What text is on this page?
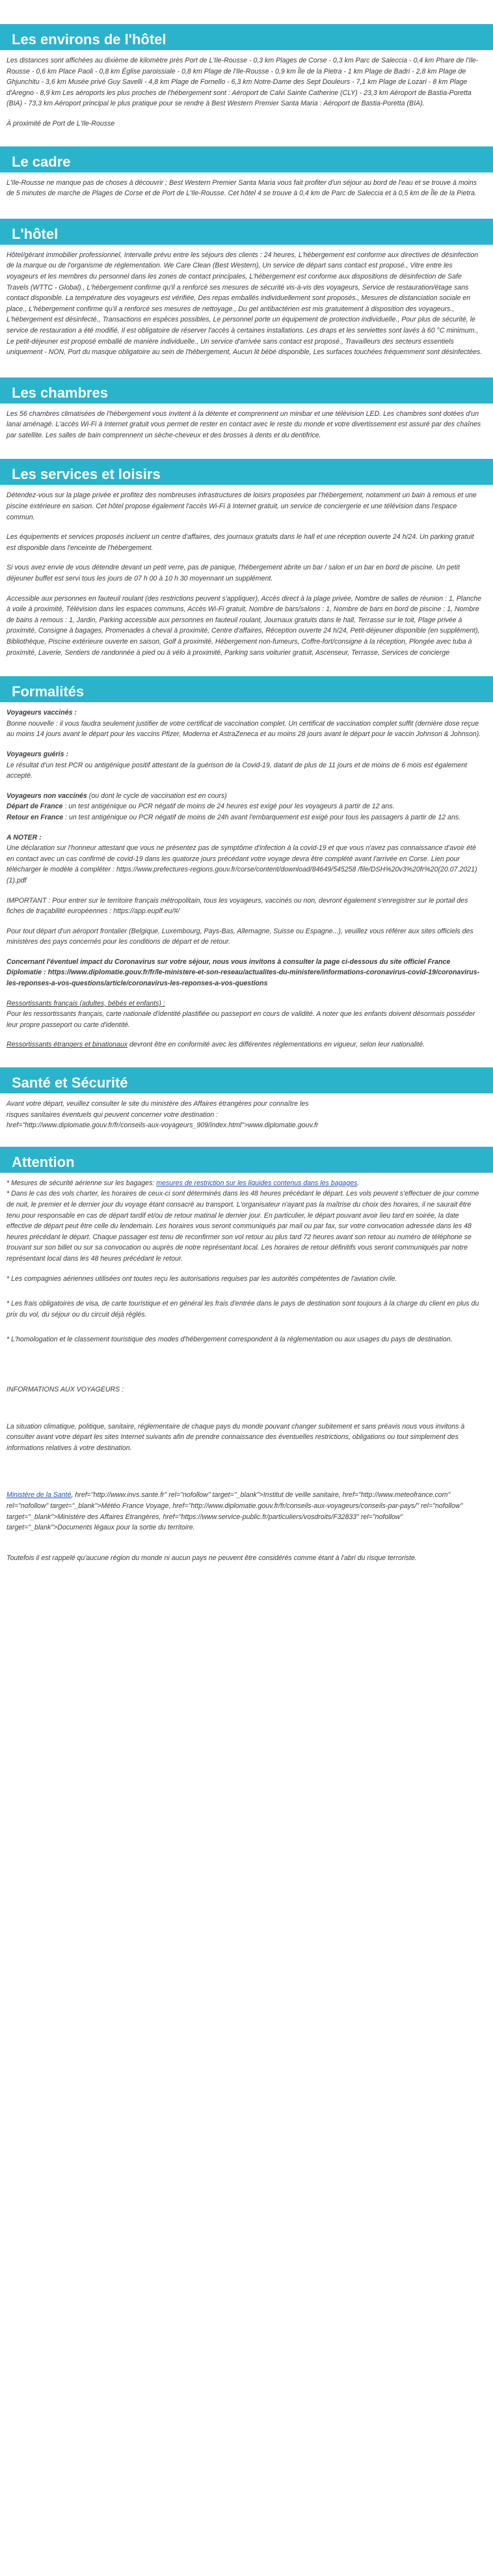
Les environs de l'hôtel

Les distances sont affichées au dixième de kilomètre près Port de L'Ile-Rousse - 0,3 km Plages de Corse - 0,3 km Parc de Saleccia - 0,4 km Phare de l'Ile-Rousse - 0,6 km Place Paoli - 0,8 km Église paroissiale - 0,8 km Plage de l'Ile-Rousse - 0,9 km Île de la Pietra - 1 km Plage de Badri - 2,8 km Plage de Ghjunchitu - 3,6 km Musée privé Guy Savelli - 4,8 km Plage de Fornello - 6,3 km Notre-Dame des Sept Douleurs - 7,1 km Plage de Lozari - 8 km Plage d'Aregno - 8,9 km Les aéroports les plus proches de l'hébergement sont : Aéroport de Calvi Sainte Catherine (CLY) - 23,3 km Aéroport de Bastia-Poretta (BIA) - 73,3 km Aéroport principal le plus pratique pour se rendre à Best Western Premier Santa Maria : Aéroport de Bastia-Poretta (BIA).

À proximité de Port de L'Ile-Rousse

Le cadre

L'Ile-Rousse ne manque pas de choses à découvrir ; Best Western Premier Santa Maria vous fait profiter d'un séjour au bord de l'eau et se trouve à moins de 5 minutes de marche de Plages de Corse et de Port de L'Ile-Rousse. Cet hôtel 4 se trouve à 0,4 km de Parc de Saleccia et à 0,5 km de Île de la Pietra.

L'hôtel

Hôtel/gérant immobilier professionnel, Intervalle prévu entre les séjours des clients : 24 heures, L'hébergement est conforme aux directives de désinfection de la marque ou de l'organisme de réglementation. We Care Clean (Best Western), Un service de départ sans contact est proposé., Vitre entre les voyageurs et les membres du personnel dans les zones de contact principales, L'hébergement est conforme aux dispositions de désinfection de Safe Travels (WTTC - Global)., L'hébergement confirme qu'il a renforcé ses mesures de sécurité vis-à-vis des voyageurs, Service de restauration/étage sans contact disponible. La température des voyageurs est vérifiée, Des repas emballés individuellement sont proposés., Mesures de distanciation sociale en place., L'hébergement confirme qu'il a renforcé ses mesures de nettoyage., Du gel antibactérien est mis gratuitement à disposition des voyageurs., L'hébergement est désinfecté., Transactions en espèces possibles, Le personnel porte un équipement de protection individuelle., Pour plus de sécurité, le service de restauration a été modifié, Il est obligatoire de réserver l'accès à certaines installations. Les draps et les serviettes sont lavés à 60 °C minimum., Le petit-déjeuner est proposé emballé de manière individuelle., Un service d'arrivée sans contact est proposé., Travailleurs des secteurs essentiels uniquement - NON, Port du masque obligatoire au sein de l'hébergement, Aucun lit bébé disponible, Les surfaces touchées fréquemment sont désinfectées.

Les chambres

Les 56 chambres climatisées de l'hébergement vous invitent à la détente et comprennent un minibar et une télévision LED. Les chambres sont dotées d'un lanai aménagé. L'accès Wi-Fi à Internet gratuit vous permet de rester en contact avec le reste du monde et votre divertissement est assuré par des chaînes par satellite. Les salles de bain comprennent un sèche-cheveux et des brosses à dents et du dentifrice.

Les services et loisirs

Détendez-vous sur la plage privée et profitez des nombreuses infrastructures de loisirs proposées par l'hébergement, notamment un bain à remous et une piscine extérieure en saison. Cet hôtel propose également l'accès Wi-Fi à Internet gratuit, un service de conciergerie et une télévision dans l'espace commun.

Les équipements et services proposés incluent un centre d'affaires, des journaux gratuits dans le hall et une réception ouverte 24 h/24. Un parking gratuit est disponible dans l'enceinte de l'hébergement.

Si vous avez envie de vous détendre devant un petit verre, pas de panique, l'hébergement abrite un bar / salon et un bar en bord de piscine. Un petit déjeuner buffet est servi tous les jours de 07 h 00 à 10 h 30 moyennant un supplément.

Accessible aux personnes en fauteuil roulant (des restrictions peuvent s'appliquer), Accès direct à la plage privée, Nombre de salles de réunion : 1, Planche à voile à proximité, Télévision dans les espaces communs, Accès Wi-Fi gratuit, Nombre de bars/salons : 1, Nombre de bars en bord de piscine : 1, Nombre de bains à remous : 1, Jardin, Parking accessible aux personnes en fauteuil roulant, Journaux gratuits dans le hall, Terrasse sur le toit, Plage privée à proximité, Consigne à bagages, Promenades à cheval à proximité, Centre d'affaires, Réception ouverte 24 h/24, Petit-déjeuner disponible (en supplément), Bibliothèque, Piscine extérieure ouverte en saison, Golf à proximité, Hébergement non-fumeurs, Coffre-fort/consigne à la réception, Plongée avec tuba à proximité, Laverie, Sentiers de randonnée à pied ou à vélo à proximité, Parking sans voiturier gratuit, Ascenseur, Terrasse, Services de concierge

Formalités

Voyageurs vaccinés :
Bonne nouvelle : il vous faudra seulement justifier de votre certificat de vaccination complet. Un certificat de vaccination complet suffit (dernière dose reçue au moins 14 jours avant le départ pour les vaccins Pfizer, Moderna et AstraZeneca et au moins 28 jours avant le départ pour le vaccin Johnson & Johnson).

Voyageurs guéris :
Le résultat d'un test PCR ou antigénique positif attestant de la guérison de la Covid-19, datant de plus de 11 jours et de moins de 6 mois est également accepté.

Voyageurs non vaccinés (ou dont le cycle de vaccination est en cours)
Départ de France : un test antigénique ou PCR négatif de moins de 24 heures est exigé pour les voyageurs à partir de 12 ans.
Retour en France : un test antigénique ou PCR négatif de moins de 24h avant l'embarquement est exigé pour tous les passagers à partir de 12 ans.

A NOTER :
Une déclaration sur l'honneur attestant que vous ne présentez pas de symptôme d'infection à la covid-19 et que vous n'avez pas connaissance d'avoir été en contact avec un cas confirmé de covid-19 dans les quatorze jours précédant votre voyage devra être complété avant l'arrivée en Corse. Lien pour télécharger le modèle à compléter : https://www.prefectures-regions.gouv.fr/corse/content/download/84649/545258 /file/DSH%20v3%20fr%20(20.07.2021)(1).pdf

IMPORTANT : Pour entrer sur le territoire français métropolitain, tous les voyageurs, vaccinés ou non, devront également s'enregistrer sur le portail des fiches de traçabilité européennes : https://app.euplf.eu/#/

Pour tout départ d'un aéroport frontalier (Belgique, Luxembourg, Pays-Bas, Allemagne, Suisse ou Espagne...), veuillez vous référer aux sites officiels des ministères des pays concernés pour les conditions de départ et de retour.

Concernant l'éventuel impact du Coronavirus sur votre séjour, nous vous invitons à consulter la page ci-dessous du site officiel France Diplomatie : https://www.diplomatie.gouv.fr/fr/le-ministere-et-son-reseau/actualites-du-ministere/informations-coronavirus-covid-19/coronavirus-les-reponses-a-vos-questions/article/coronavirus-les-reponses-a-vos-questions

Ressortissants français (adultes, bébés et enfants) :
Pour les ressortissants français, carte nationale d'identité plastifiée ou passeport en cours de validité. A noter que les enfants doivent désormais posséder leur propre passeport ou carte d'identité.

Ressortissants étrangers et binationaux devront être en conformité avec les différentes réglementations en vigueur, selon leur nationalité.

Santé et Sécurité

Avant votre départ, veuillez consulter le site du ministère des Affaires étrangères pour connaître les risques sanitaires éventuels qui peuvent concerner votre destination : href="http://www.diplomatie.gouv.fr/fr/conseils-aux-voyageurs_909/index.html">www.diplomatie.gouv.fr

Attention

* Mesures de sécurité aérienne sur les bagages: mesures de restriction sur les liquides contenus dans les bagages.

* Dans le cas des vols charter, les horaires de ceux-ci sont déterminés dans les 48 heures précédant le départ. Les vols peuvent s'effectuer de jour comme de nuit, le premier et le dernier jour du voyage étant consacré au transport. L'organisateur n'ayant pas la maîtrise du choix des horaires, il ne saurait être tenu pour responsable en cas de départ tardif et/ou de retour matinal le dernier jour. En particulier, le départ pouvant avoir lieu tard en soirée, la date effective de départ peut être celle du lendemain. Les horaires vous seront communiqués par mail ou par fax, sur votre convocation adressée dans les 48 heures précédant le départ. Chaque passager est tenu de reconfirmer son vol retour au plus tard 72 heures avant son retour au numéro de téléphone se trouvant sur son billet ou sur sa convocation ou auprès de notre représentant local. Les horaires de retour définitifs vous seront communiqués par notre représentant local dans les 48 heures précédant le retour.

* Les compagnies aériennes utilisées ont toutes reçu les autorisations requises par les autorités compétentes de l'aviation civile.

* Les frais obligatoires de visa, de carte touristique et en général les frais d'entrée dans le pays de destination sont toujours à la charge du client en plus du prix du vol, du séjour ou du circuit déjà réglés.

* L'homologation et le classement touristique des modes d'hébergement correspondent à la réglementation ou aux usages du pays de destination.

INFORMATIONS AUX VOYAGEURS :

La situation climatique, politique, sanitaire, réglementaire de chaque pays du monde pouvant changer subitement et sans préavis nous vous invitons à consulter avant votre départ les sites Internet suivants afin de prendre connaissance des éventuelles restrictions, obligations ou tout simplement des informations relatives à votre destination.

Ministère de la Santé, href="http://www.invs.sante.fr" rel="nofollow" target="_blank">Institut de veille sanitaire, href="http://www.meteofrance.com" rel="nofollow" target="_blank">Météo France Voyage, href="http://www.diplomatie.gouv.fr/fr/conseils-aux-voyageurs/conseils-par-pays/" rel="nofollow" target="_blank">Ministère des Affaires Etrangères, href="https://www.service-public.fr/particuliers/vosdroits/F32833" rel="nofollow" target="_blank">Documents légaux pour la sortie du territoire.

Toutefois il est rappelé qu'aucune région du monde ni aucun pays ne peuvent être considérés comme étant à l'abri du risque terroriste.
